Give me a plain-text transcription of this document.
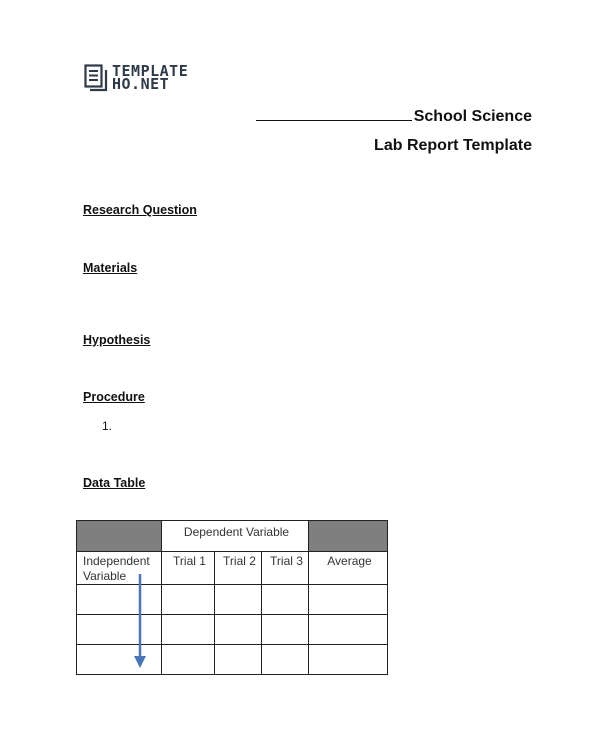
TEMPLATE
HO.NET
School Science
Lab Report Template
Research Question
Materials
Hypothesis
Procedure
1.
Data Table

	Dependent Variable			

Independent Variable	Trial 1	Trial 2	Trial 3	Average
